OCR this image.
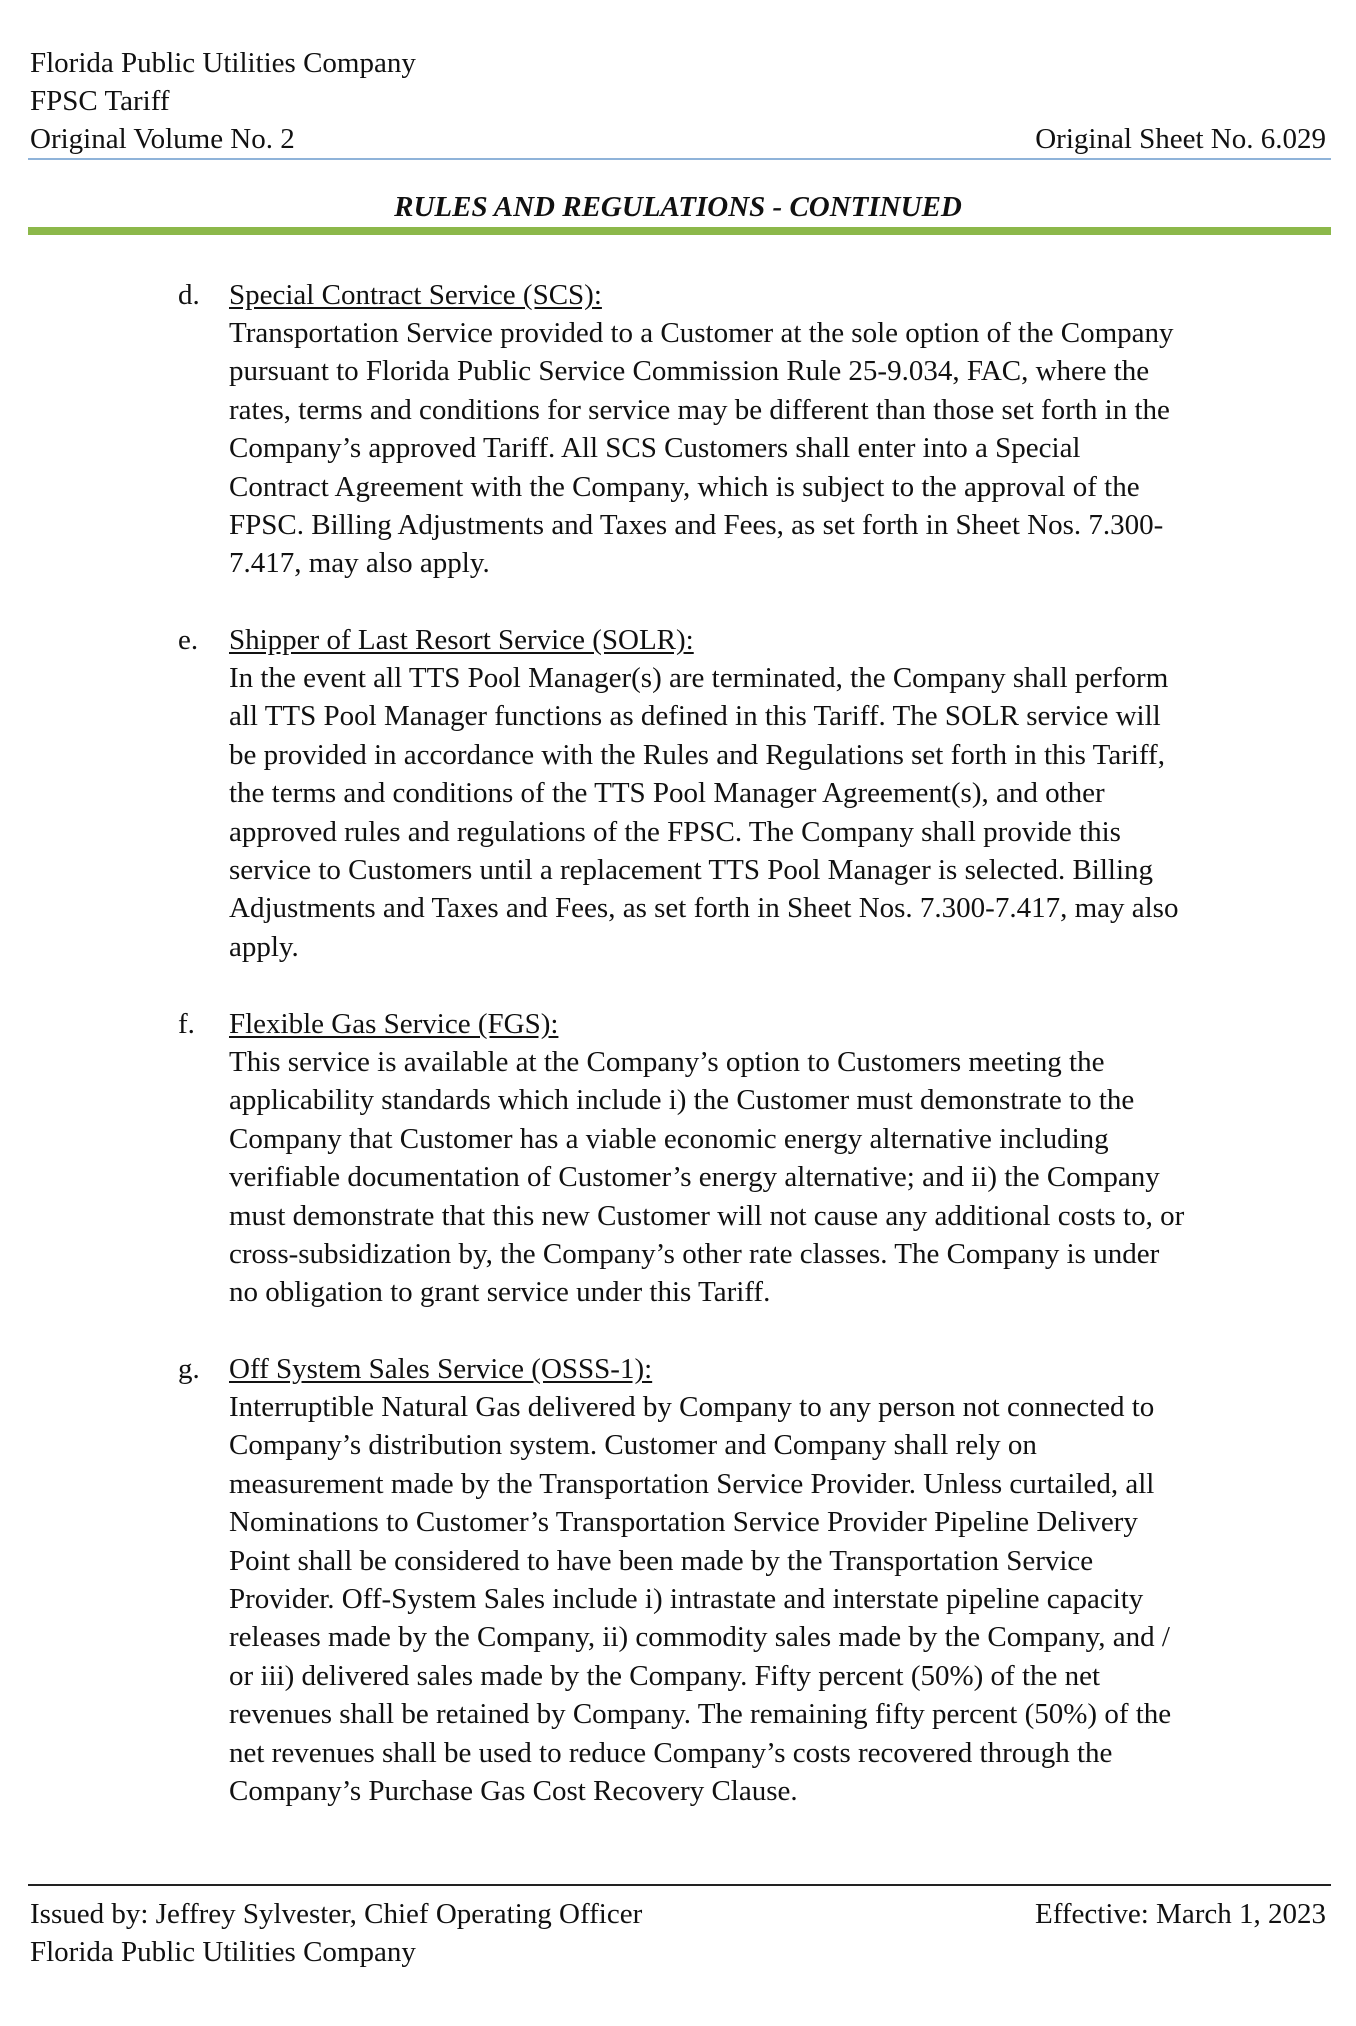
Florida Public Utilities Company
FPSC Tariff
Original Volume No. 2	Original Sheet No. 6.029
RULES AND REGULATIONS - CONTINUED
d. Special Contract Service (SCS):
Transportation Service provided to a Customer at the sole option of the Company
pursuant to Florida Public Service Commission Rule 25-9.034, FAC, where the
rates, terms and conditions for service may be different than those set forth in the
Company’s approved Tariff. All SCS Customers shall enter into a Special
Contract Agreement with the Company, which is subject to the approval of the
FPSC. Billing Adjustments and Taxes and Fees, as set forth in Sheet Nos. 7.300-
7.417, may also apply.
e. Shipper of Last Resort Service (SOLR):
In the event all TTS Pool Manager(s) are terminated, the Company shall perform
all TTS Pool Manager functions as defined in this Tariff. The SOLR service will
be provided in accordance with the Rules and Regulations set forth in this Tariff,
the terms and conditions of the TTS Pool Manager Agreement(s), and other
approved rules and regulations of the FPSC. The Company shall provide this
service to Customers until a replacement TTS Pool Manager is selected. Billing
Adjustments and Taxes and Fees, as set forth in Sheet Nos. 7.300-7.417, may also
apply.
f. Flexible Gas Service (FGS):
This service is available at the Company’s option to Customers meeting the
applicability standards which include i) the Customer must demonstrate to the
Company that Customer has a viable economic energy alternative including
verifiable documentation of Customer’s energy alternative; and ii) the Company
must demonstrate that this new Customer will not cause any additional costs to, or
cross-subsidization by, the Company’s other rate classes. The Company is under
no obligation to grant service under this Tariff.
g. Off System Sales Service (OSSS-1):
Interruptible Natural Gas delivered by Company to any person not connected to
Company’s distribution system. Customer and Company shall rely on
measurement made by the Transportation Service Provider. Unless curtailed, all
Nominations to Customer’s Transportation Service Provider Pipeline Delivery
Point shall be considered to have been made by the Transportation Service
Provider. Off-System Sales include i) intrastate and interstate pipeline capacity
releases made by the Company, ii) commodity sales made by the Company, and /
or iii) delivered sales made by the Company. Fifty percent (50%) of the net
revenues shall be retained by Company. The remaining fifty percent (50%) of the
net revenues shall be used to reduce Company’s costs recovered through the
Company’s Purchase Gas Cost Recovery Clause.
Issued by: Jeffrey Sylvester, Chief Operating Officer	Effective: March 1, 2023
Florida Public Utilities Company
